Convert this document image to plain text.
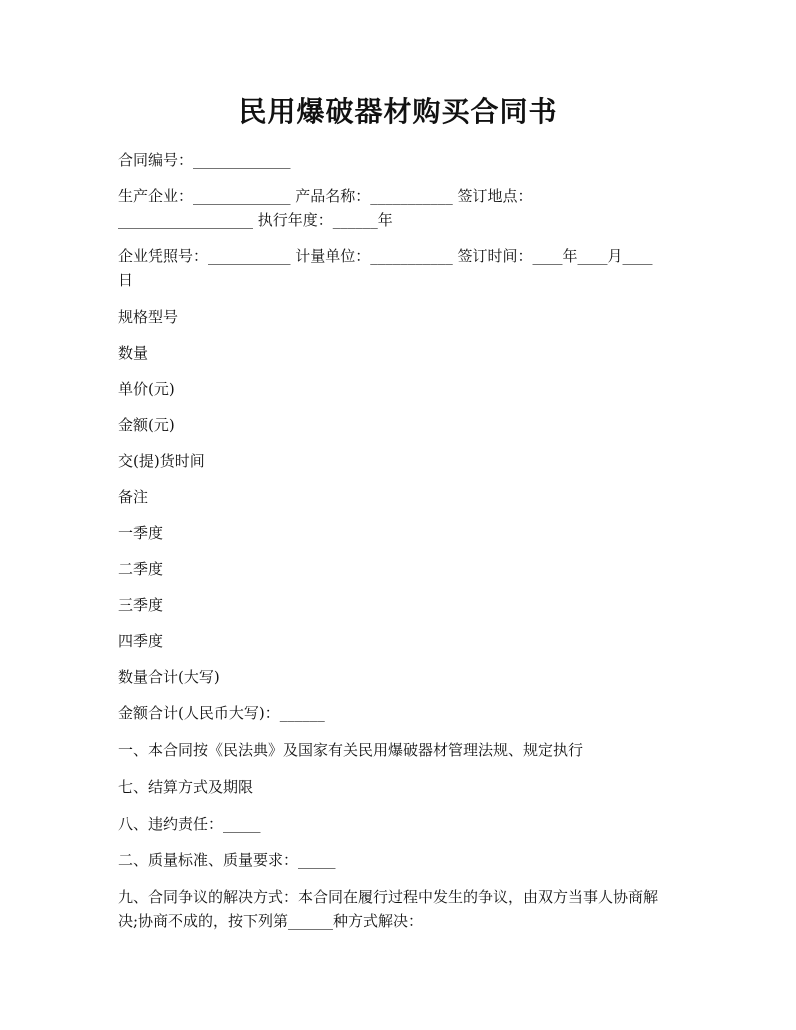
民用爆破器材购买合同书
合同编号：_____________
生产企业：_____________ 产品名称：___________ 签订地点：
__________________ 执行年度：______年
企业凭照号：___________ 计量单位：___________ 签订时间：____年____月____
日
规格型号
数量
单价(元)
金额(元)
交(提)货时间
备注
一季度
二季度
三季度
四季度
数量合计(大写)
金额合计(人民币大写)：______
一、本合同按《民法典》及国家有关民用爆破器材管理法规、规定执行
七、结算方式及期限
八、违约责任：_____
二、质量标准、质量要求：_____
九、合同争议的解决方式：本合同在履行过程中发生的争议，由双方当事人协商解
决;协商不成的，按下列第______种方式解决：
